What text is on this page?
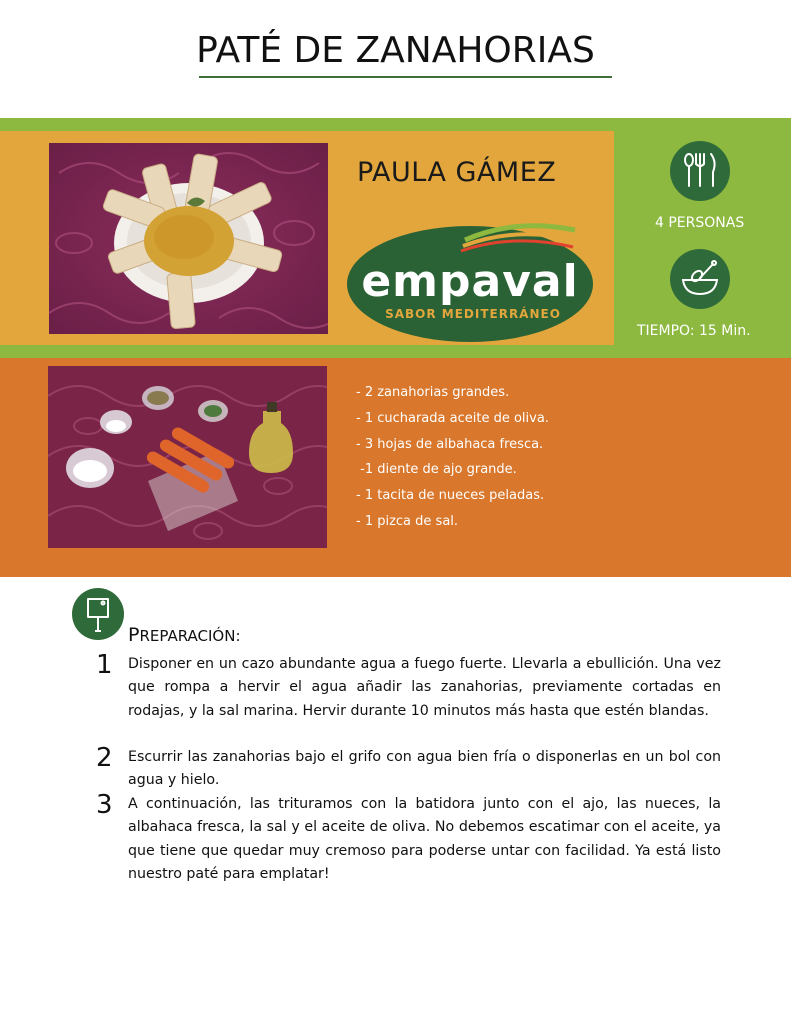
PATÉ DE ZANAHORIAS
PAULA GÁMEZ
empaval
SABOR MEDITERRÁNEO
4 PERSONAS
TIEMPO: 15 Min.
- 2 zanahorias grandes.
- 1 cucharada aceite de oliva.
- 3 hojas de albahaca fresca.
-1 diente de ajo grande.
- 1 tacita de nueces peladas.
- 1 pizca de sal.
PREPARACIÓN:
1 Disponer en un cazo abundante agua a fuego fuerte. Llevarla a ebullición. Una vez que rompa a hervir el agua añadir las zanahorias, previamente cortadas en rodajas, y la sal marina. Hervir durante 10 minutos más hasta que estén blandas.

2 Escurrir las zanahorias bajo el grifo con agua bien fría o disponerlas en un bol con agua y hielo.

3 A continuación, las trituramos con la batidora junto con el ajo, las nueces, la albahaca fresca, la sal y el aceite de oliva. No debemos escatimar con el aceite, ya que tiene que quedar muy cremoso para poderse untar con facilidad. Ya está listo nuestro paté para emplatar!
